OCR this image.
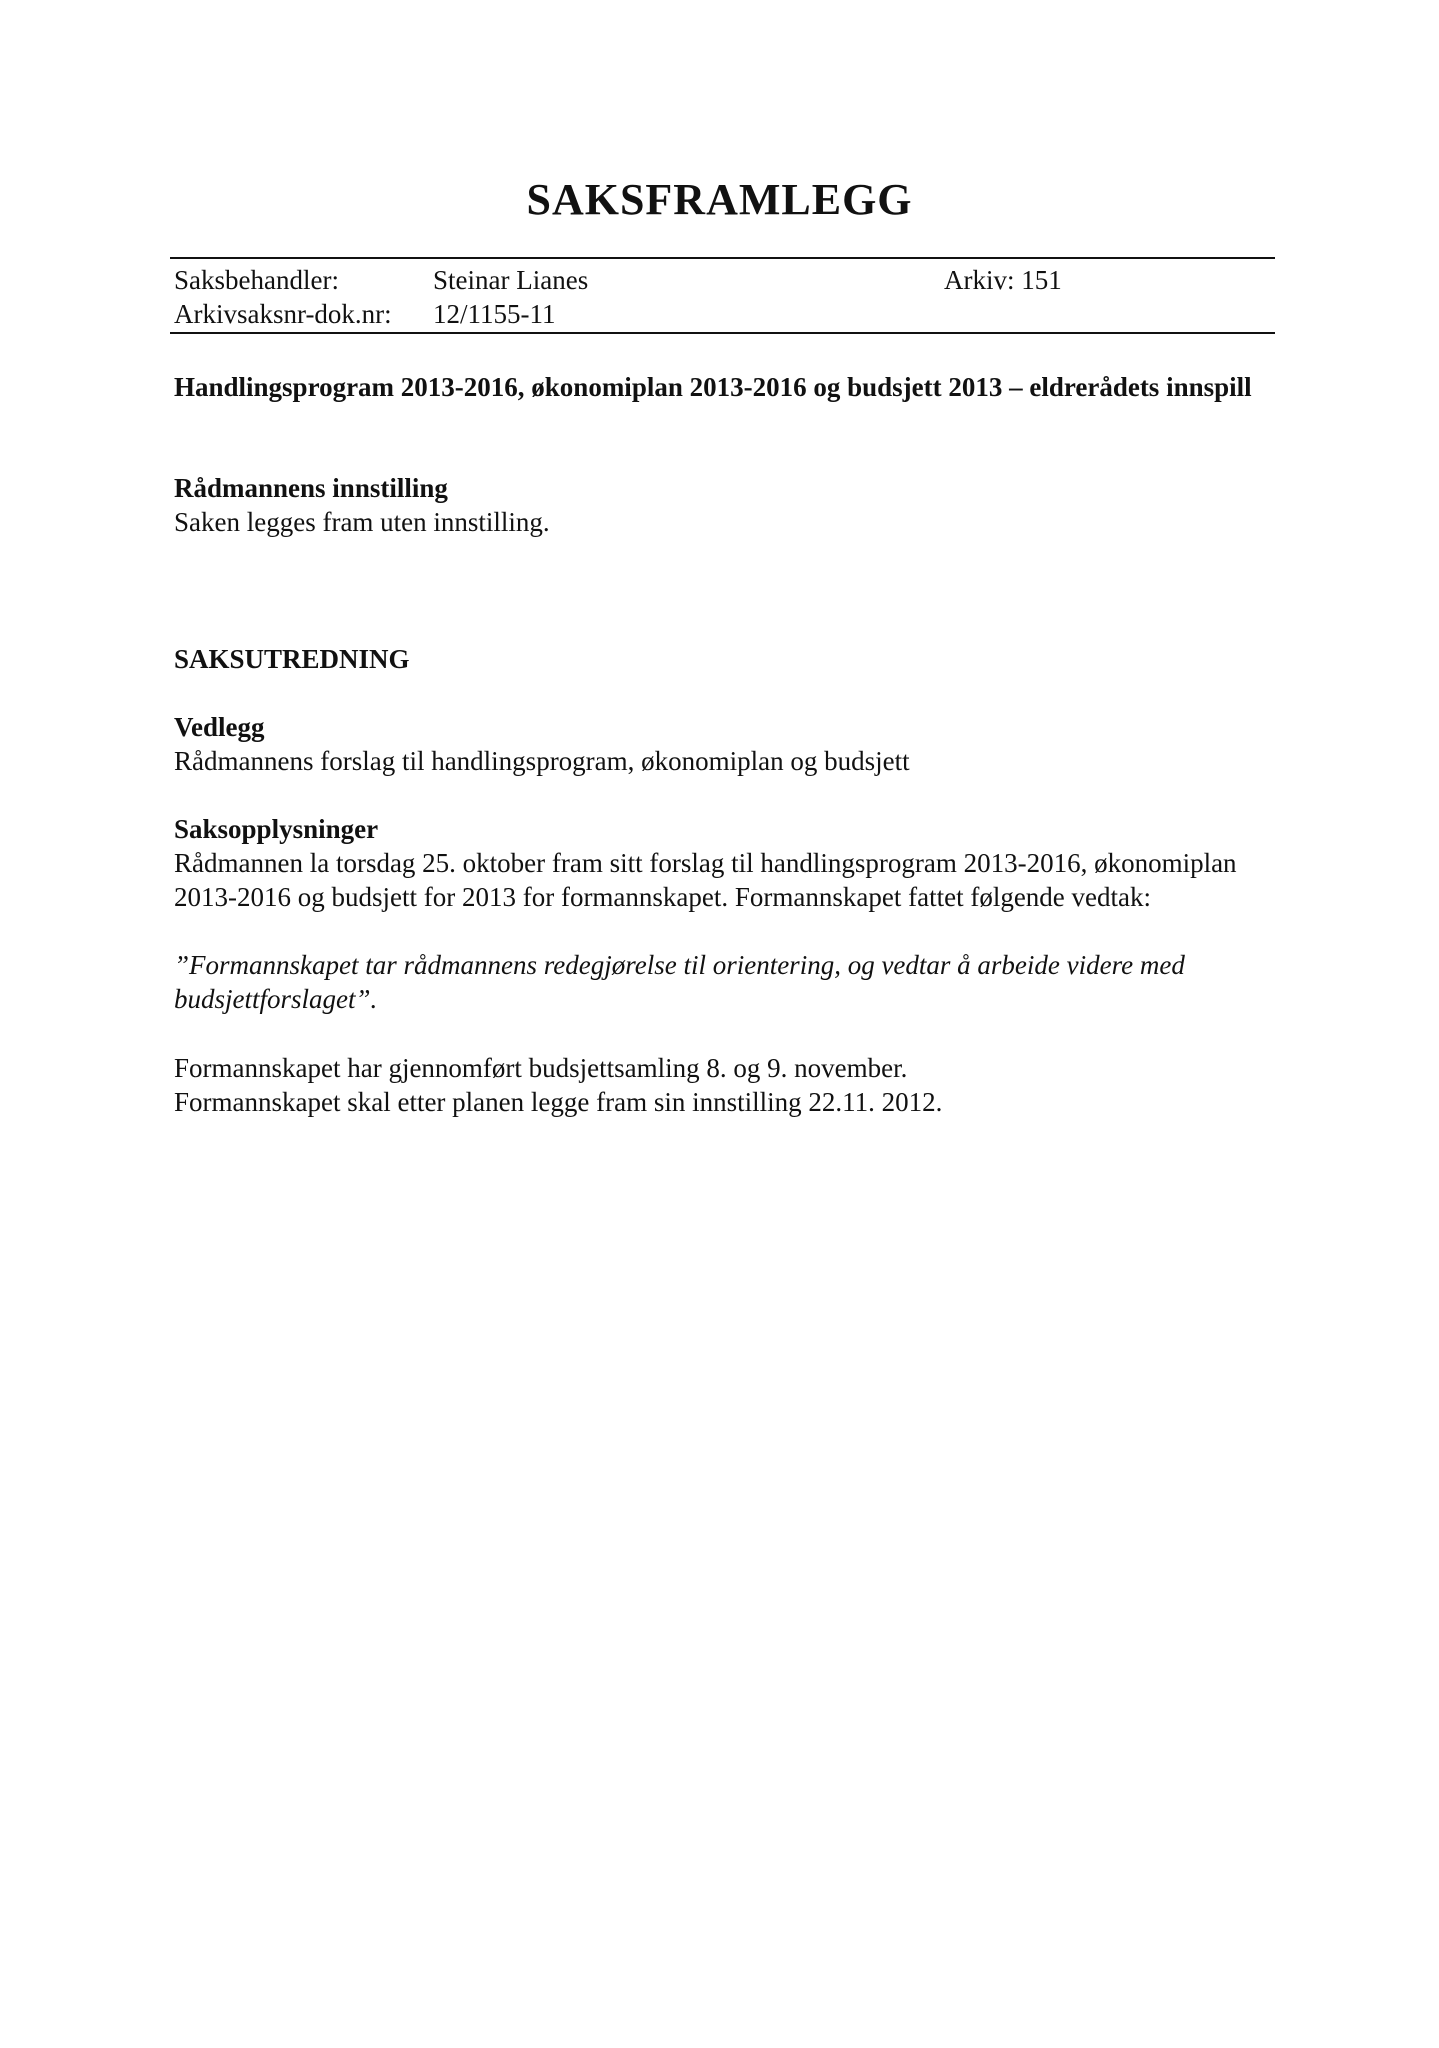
SAKSFRAMLEGG
Saksbehandler:	Steinar Lianes	Arkiv: 151
Arkivsaksnr-dok.nr: 12/1155-11

Handlingsprogram 2013-2016, økonomiplan 2013-2016 og budsjett 2013 – eldrerådets innspill

Rådmannens innstilling

Saken legges fram uten innstilling.

SAKSUTREDNING

Vedlegg

Rådmannens forslag til handlingsprogram, økonomiplan og budsjett

Saksopplysninger

Rådmannen la torsdag 25. oktober fram sitt forslag til handlingsprogram 2013-2016, økonomiplan 2013-2016 og budsjett for 2013 for formannskapet. Formannskapet fattet følgende vedtak:

”Formannskapet tar rådmannens redegjørelse til orientering, og vedtar å arbeide videre med budsjettforslaget”.

Formannskapet har gjennomført budsjettsamling 8. og 9. november.

Formannskapet skal etter planen legge fram sin innstilling 22.11. 2012.
